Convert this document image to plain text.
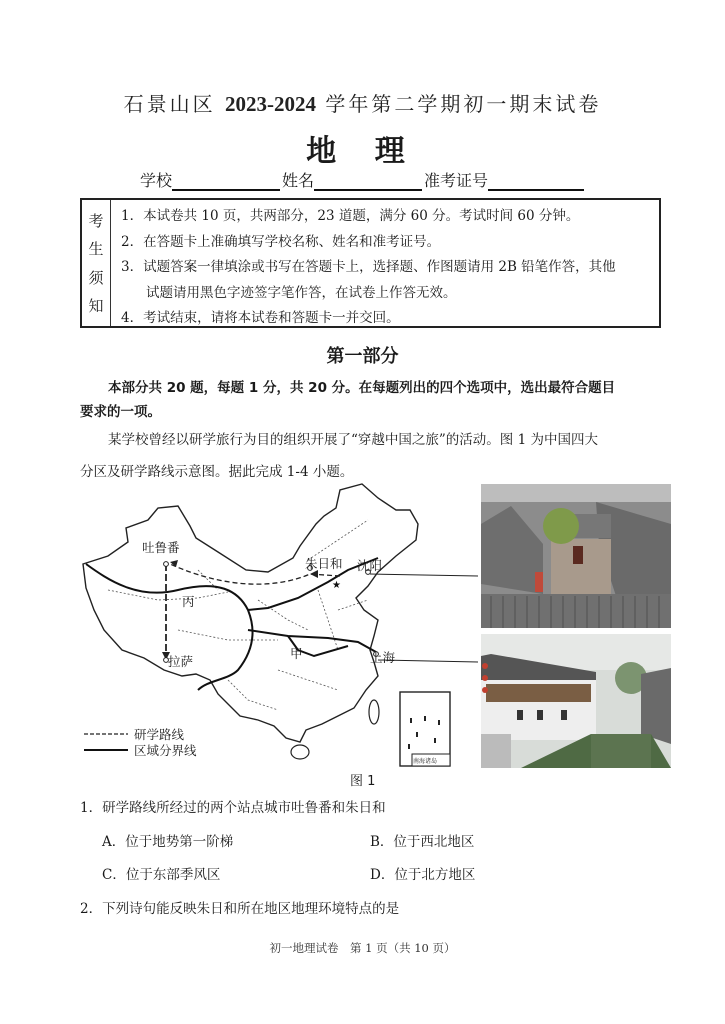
石景山区 2023-2024 学年第二学期初一期末试卷
地 理
学校	姓名	准考证号
考
生
须
知
1．本试卷共 10 页，共两部分，23 道题，满分 60 分。考试时间 60 分钟。
2．在答题卡上准确填写学校名称、姓名和准考证号。
3．试题答案一律填涂或书写在答题卡上，选择题、作图题请用 2B 铅笔作答，其他
试题请用黑色字迹签字笔作答，在试卷上作答无效。
4．考试结束，请将本试卷和答题卡一并交回。
第一部分
本部分共 20 题，每题 1 分，共 20 分。在每题列出的四个选项中，选出最符合题目
要求的一项。
某学校曾经以研学旅行为目的组织开展了“穿越中国之旅”的活动。图 1 为中国四大
分区及研学路线示意图。据此完成 1-4 小题。
★
吐鲁番
朱日和 沈阳
丙
拉萨
甲	上海
南海诸岛
研学路线
区域分界线
图 1
1．研学路线所经过的两个站点城市吐鲁番和朱日和
A．位于地势第一阶梯	B．位于西北地区
C．位于东部季风区	D．位于北方地区
2．下列诗句能反映朱日和所在地区地理环境特点的是
初一地理试卷　第 1 页（共 10 页）
